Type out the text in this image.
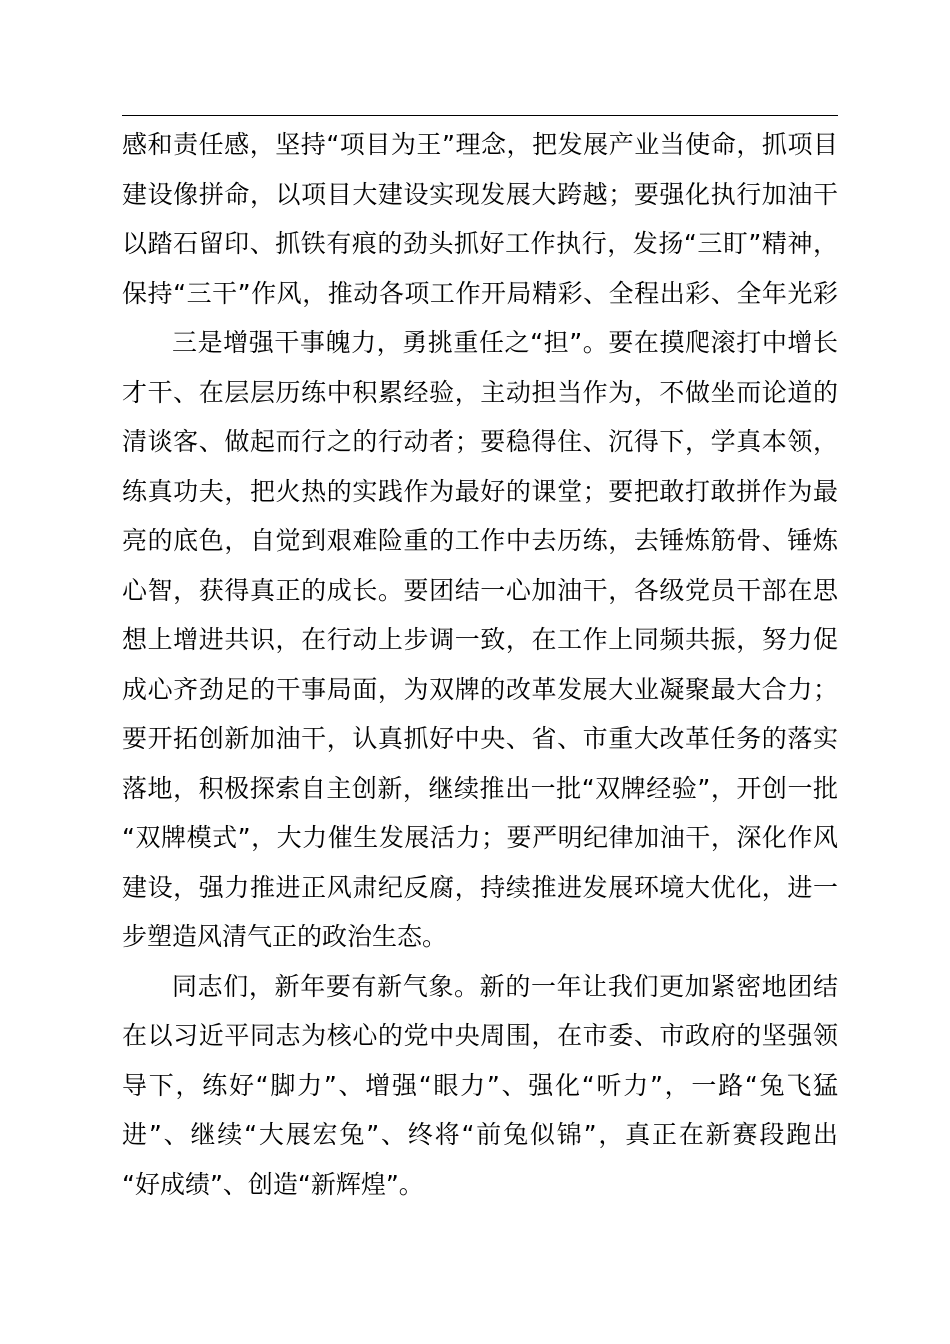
感和责任感，坚持“项目为王”理念，把发展产业当使命，抓项目
建设像拼命，以项目大建设实现发展大跨越；要强化执行加油干
以踏石留印、抓铁有痕的劲头抓好工作执行，发扬“三盯”精神，
保持“三干”作风，推动各项工作开局精彩、全程出彩、全年光彩
三是增强干事魄力，勇挑重任之“担”。要在摸爬滚打中增长
才干、在层层历练中积累经验，主动担当作为，不做坐而论道的
清谈客、做起而行之的行动者；要稳得住、沉得下，学真本领，
练真功夫，把火热的实践作为最好的课堂；要把敢打敢拼作为最
亮的底色，自觉到艰难险重的工作中去历练，去锤炼筋骨、锤炼
心智，获得真正的成长。要团结一心加油干，各级党员干部在思
想上增进共识，在行动上步调一致，在工作上同频共振，努力促
成心齐劲足的干事局面，为双牌的改革发展大业凝聚最大合力；
要开拓创新加油干，认真抓好中央、省、市重大改革任务的落实
落地，积极探索自主创新，继续推出一批“双牌经验”，开创一批
“双牌模式”，大力催生发展活力；要严明纪律加油干，深化作风
建设，强力推进正风肃纪反腐，持续推进发展环境大优化，进一
步塑造风清气正的政治生态。
同志们，新年要有新气象。新的一年让我们更加紧密地团结
在以习近平同志为核心的党中央周围，在市委、市政府的坚强领
导下，练好“脚力”、增强“眼力”、强化“听力”，一路“兔飞猛
进”、继续“大展宏兔”、终将“前兔似锦”，真正在新赛段跑出
“好成绩”、创造“新辉煌”。
